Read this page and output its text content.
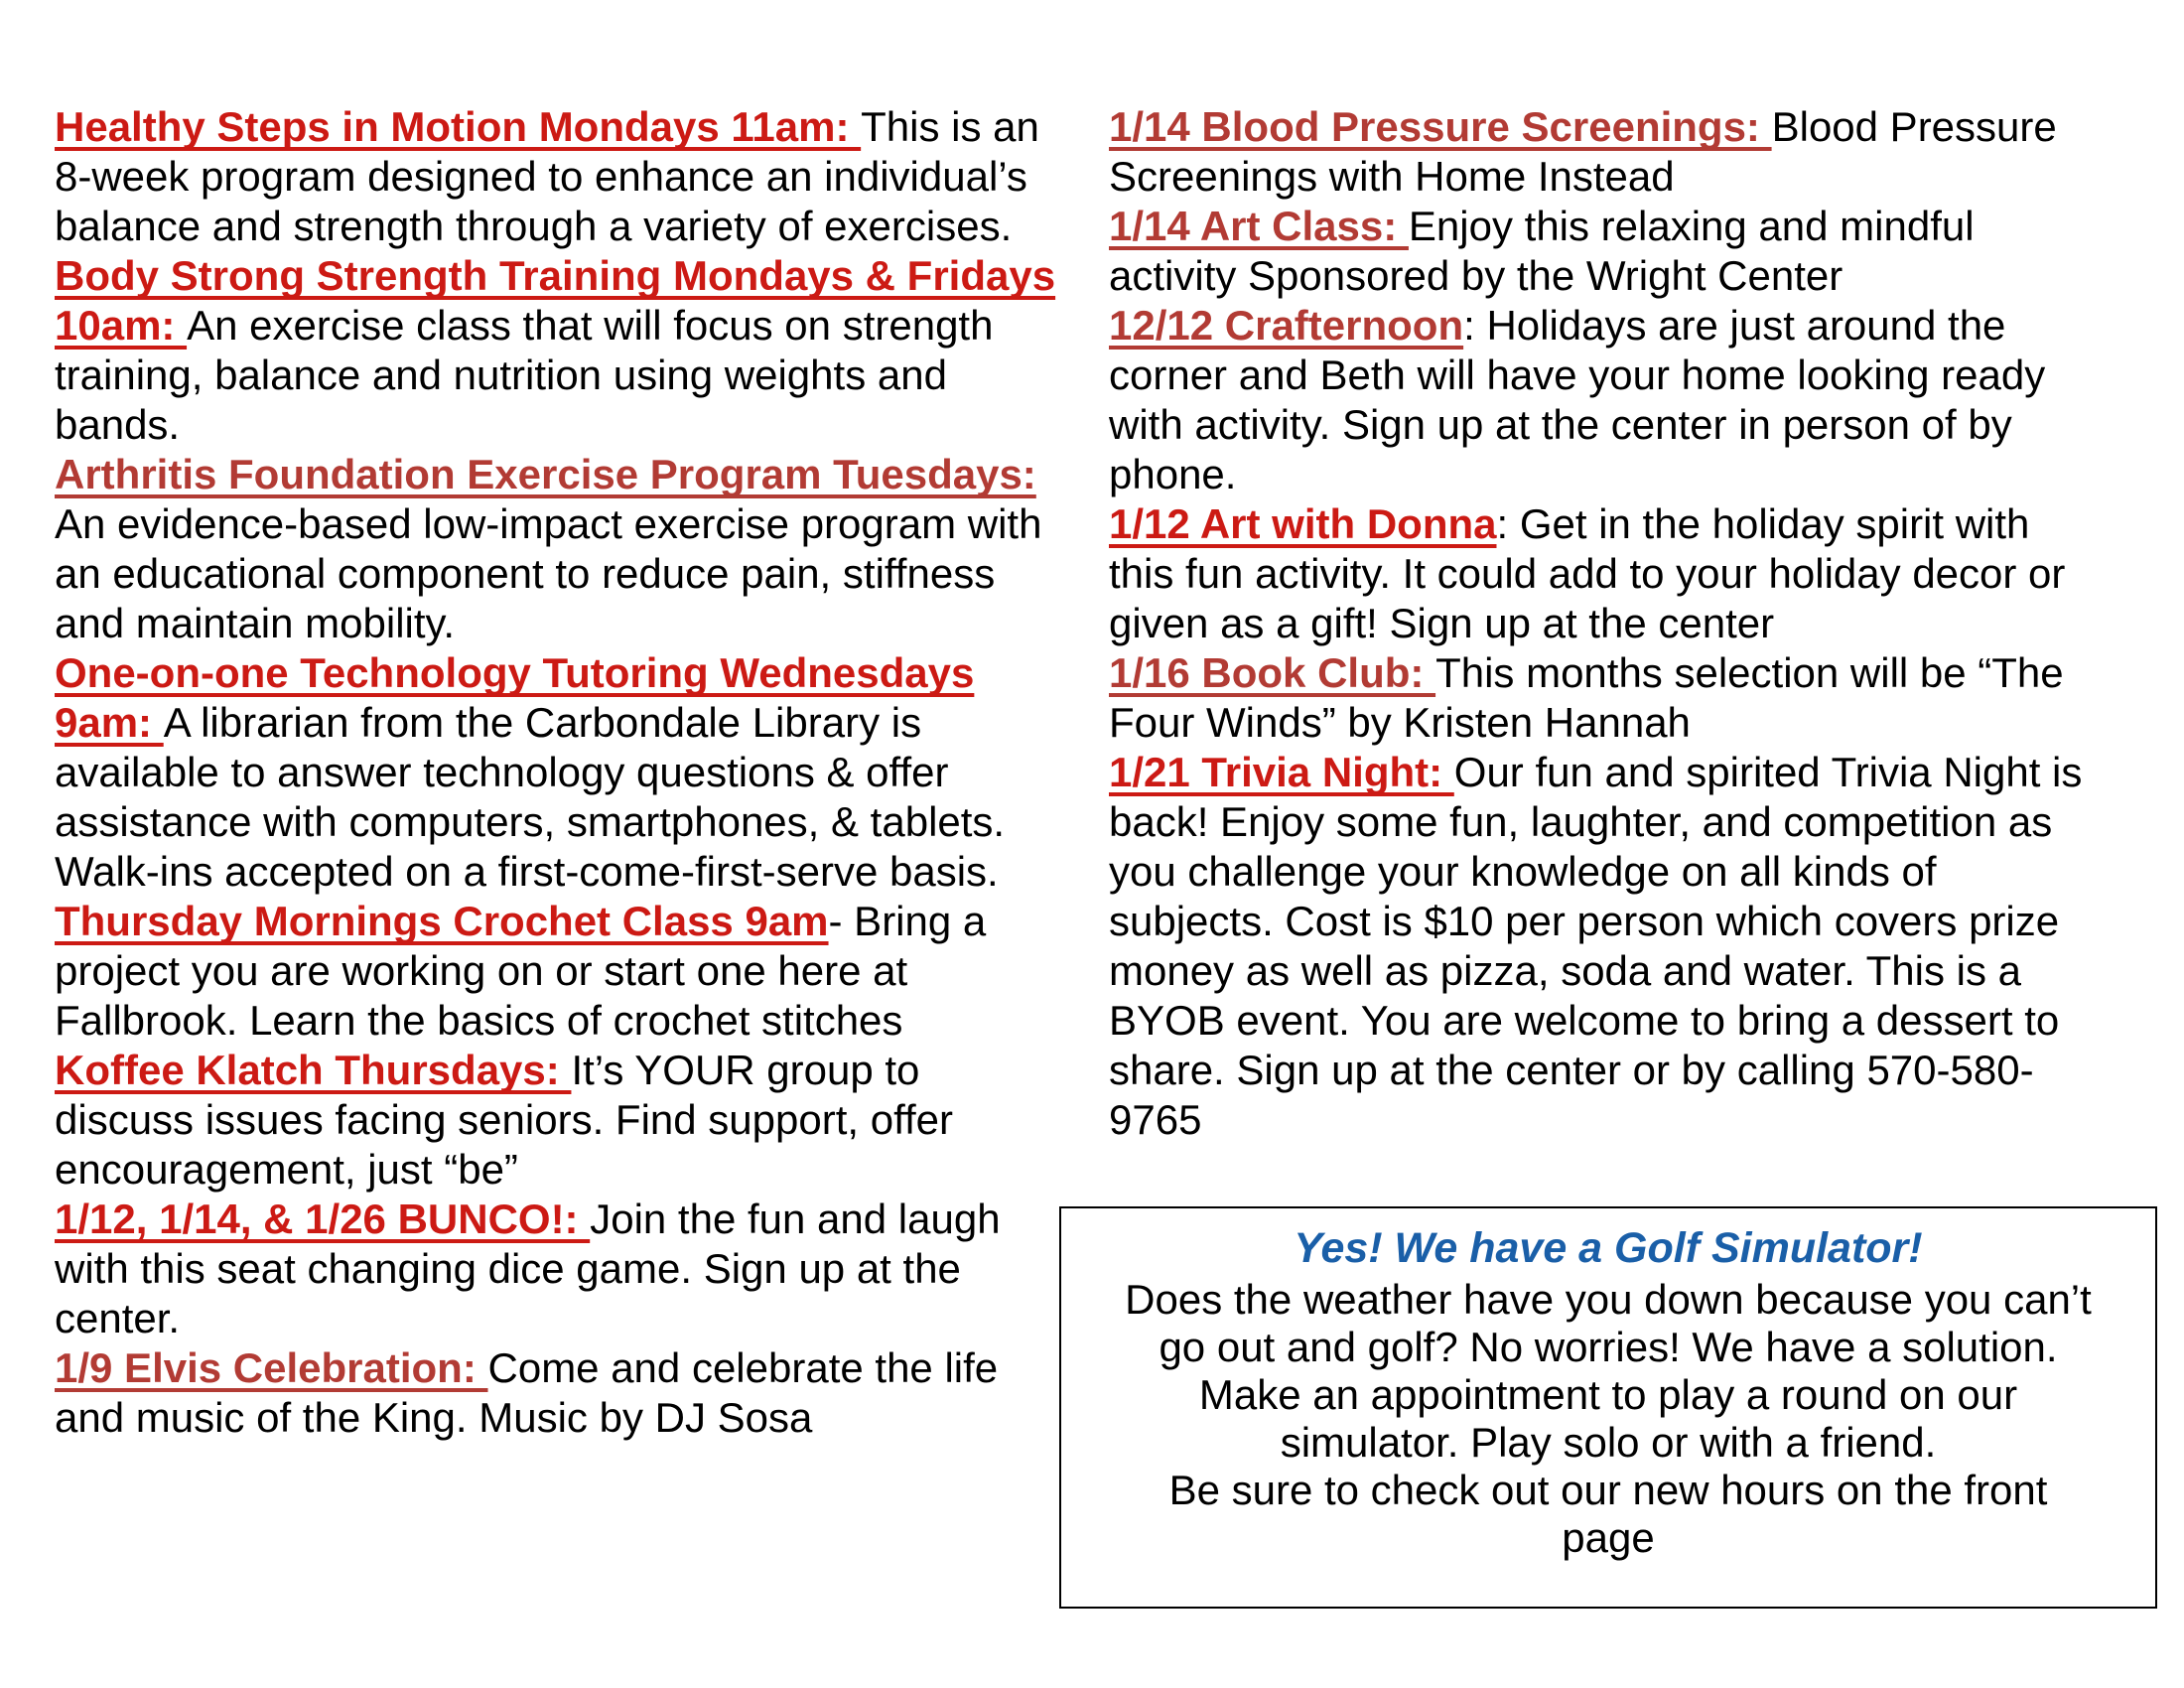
Healthy Steps in Motion Mondays 11am: This is an 8-week program designed to enhance an individual’s balance and strength through a variety of exercises.

Body Strong Strength Training Mondays & Fridays 10am: An exercise class that will focus on strength training, balance and nutrition using weights and bands.

Arthritis Foundation Exercise Program Tuesdays: An evidence-based low-impact exercise program with an educational component to reduce pain, stiffness and maintain mobility.

One-on-one Technology Tutoring Wednesdays 9am: A librarian from the Carbondale Library is available to answer technology questions & offer assistance with computers, smartphones, & tablets. Walk-ins accepted on a first-come-first-serve basis.

Thursday Mornings Crochet Class 9am- Bring a project you are working on or start one here at Fallbrook. Learn the basics of crochet stitches

Koffee Klatch Thursdays: It’s YOUR group to discuss issues facing seniors. Find support, offer encouragement, just “be”

1/12, 1/14, & 1/26 BUNCO!: Join the fun and laugh with this seat changing dice game. Sign up at the center.

1/9 Elvis Celebration: Come and celebrate the life and music of the King. Music by DJ Sosa

1/14 Blood Pressure Screenings: Blood Pressure Screenings with Home Instead

1/14 Art Class: Enjoy this relaxing and mindful activity Sponsored by the Wright Center

12/12 Crafternoon: Holidays are just around the corner and Beth will have your home looking ready with activity. Sign up at the center in person of by phone.

1/12 Art with Donna: Get in the holiday spirit with this fun activity. It could add to your holiday decor or given as a gift! Sign up at the center

1/16 Book Club: This months selection will be “The Four Winds” by Kristen Hannah

1/21 Trivia Night: Our fun and spirited Trivia Night is back! Enjoy some fun, laughter, and competition as you challenge your knowledge on all kinds of subjects. Cost is $10 per person which covers prize money as well as pizza, soda and water. This is a BYOB event. You are welcome to bring a dessert to share. Sign up at the center or by calling 570-580-9765

Yes! We have a Golf Simulator!
Does the weather have you down because you can’t
go out and golf? No worries! We have a solution.
Make an appointment to play a round on our
simulator. Play solo or with a friend.
Be sure to check out our new hours on the front
page
